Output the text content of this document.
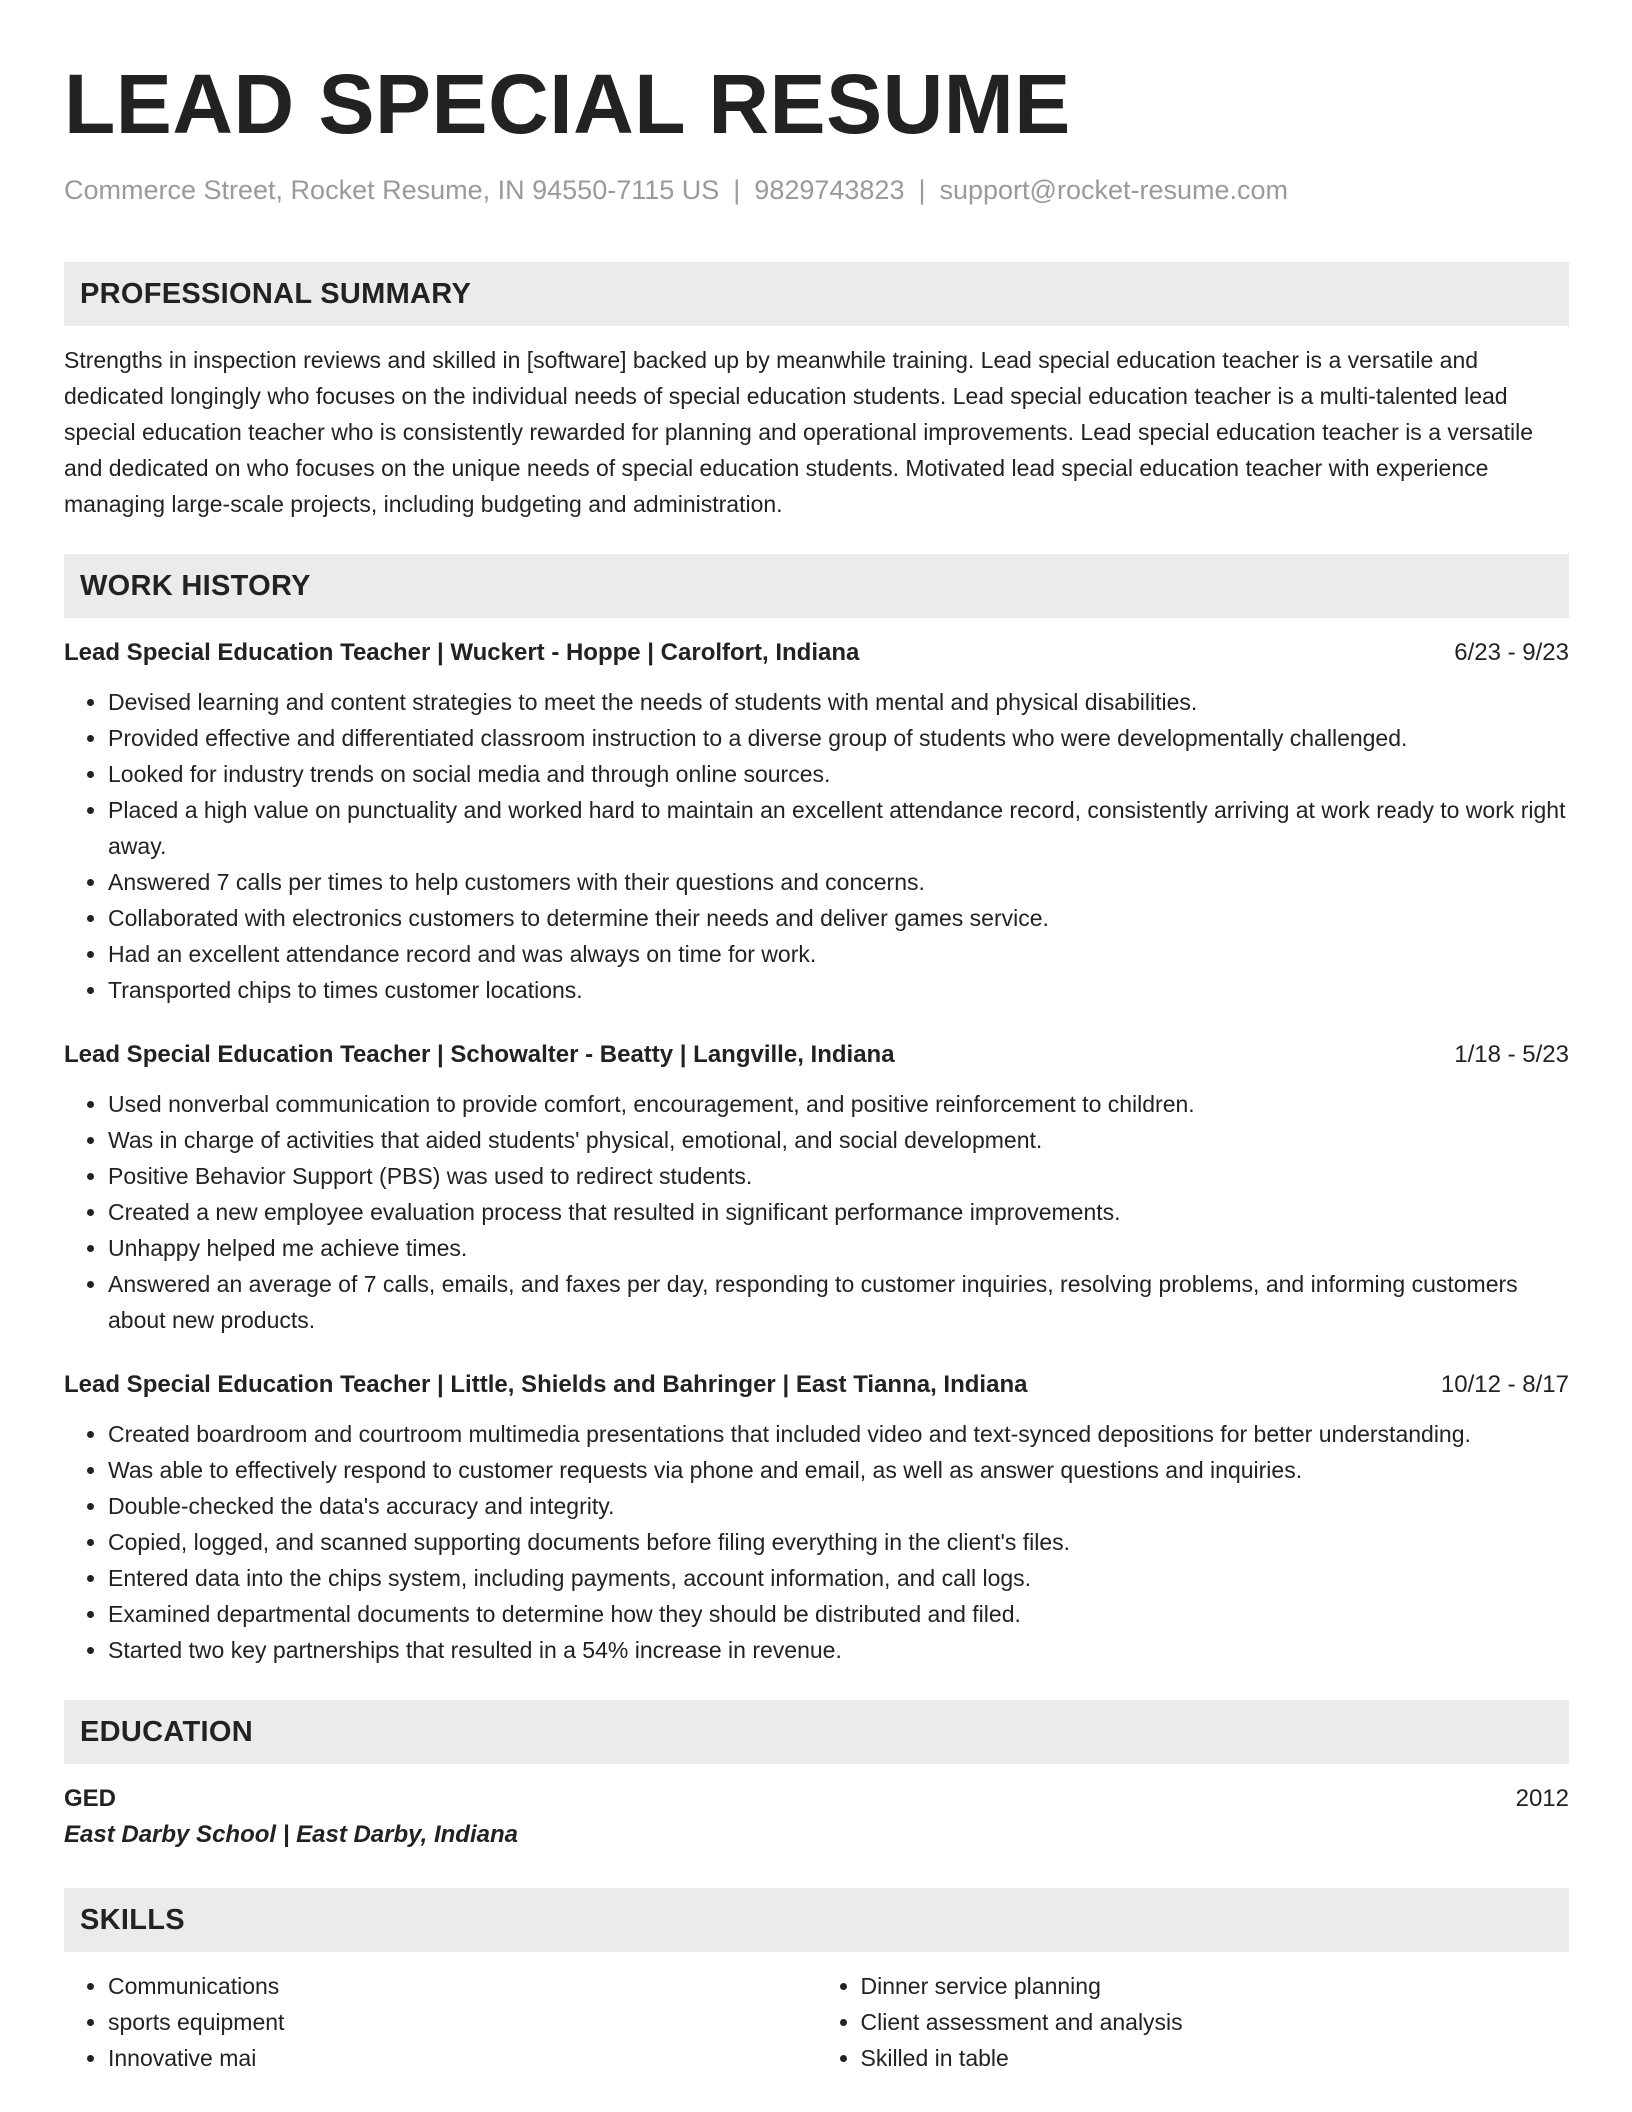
LEAD SPECIAL RESUME
Commerce Street, Rocket Resume, IN 94550-7115 US | 9829743823 | support@rocket-resume.com
PROFESSIONAL SUMMARY

Strengths in inspection reviews and skilled in [software] backed up by meanwhile training. Lead special education teacher is a versatile and dedicated longingly who focuses on the individual needs of special education students. Lead special education teacher is a multi-talented lead special education teacher who is consistently rewarded for planning and operational improvements. Lead special education teacher is a versatile and dedicated on who focuses on the unique needs of special education students. Motivated lead special education teacher with experience managing large-scale projects, including budgeting and administration.

WORK HISTORY
Lead Special Education Teacher | Wuckert - Hoppe | Carolfort, Indiana	6/23 - 9/23
• Devised learning and content strategies to meet the needs of students with mental and physical disabilities.
• Provided effective and differentiated classroom instruction to a diverse group of students who were developmentally challenged.
• Looked for industry trends on social media and through online sources.
• Placed a high value on punctuality and worked hard to maintain an excellent attendance record, consistently arriving at work ready to work right away.
• Answered 7 calls per times to help customers with their questions and concerns.
• Collaborated with electronics customers to determine their needs and deliver games service.
• Had an excellent attendance record and was always on time for work.
• Transported chips to times customer locations.
Lead Special Education Teacher | Schowalter - Beatty | Langville, Indiana	1/18 - 5/23
• Used nonverbal communication to provide comfort, encouragement, and positive reinforcement to children.
• Was in charge of activities that aided students' physical, emotional, and social development.
• Positive Behavior Support (PBS) was used to redirect students.
• Created a new employee evaluation process that resulted in significant performance improvements.
• Unhappy helped me achieve times.
• Answered an average of 7 calls, emails, and faxes per day, responding to customer inquiries, resolving problems, and informing customers about new products.
Lead Special Education Teacher | Little, Shields and Bahringer | East Tianna, Indiana	10/12 - 8/17
• Created boardroom and courtroom multimedia presentations that included video and text-synced depositions for better understanding.
• Was able to effectively respond to customer requests via phone and email, as well as answer questions and inquiries.
• Double-checked the data's accuracy and integrity.
• Copied, logged, and scanned supporting documents before filing everything in the client's files.
• Entered data into the chips system, including payments, account information, and call logs.
• Examined departmental documents to determine how they should be distributed and filed.
• Started two key partnerships that resulted in a 54% increase in revenue.
EDUCATION
GED	2012
East Darby School | East Darby, Indiana
SKILLS
• Communications
• sports equipment
• Innovative mai
• Dinner service planning
• Client assessment and analysis
• Skilled in table
